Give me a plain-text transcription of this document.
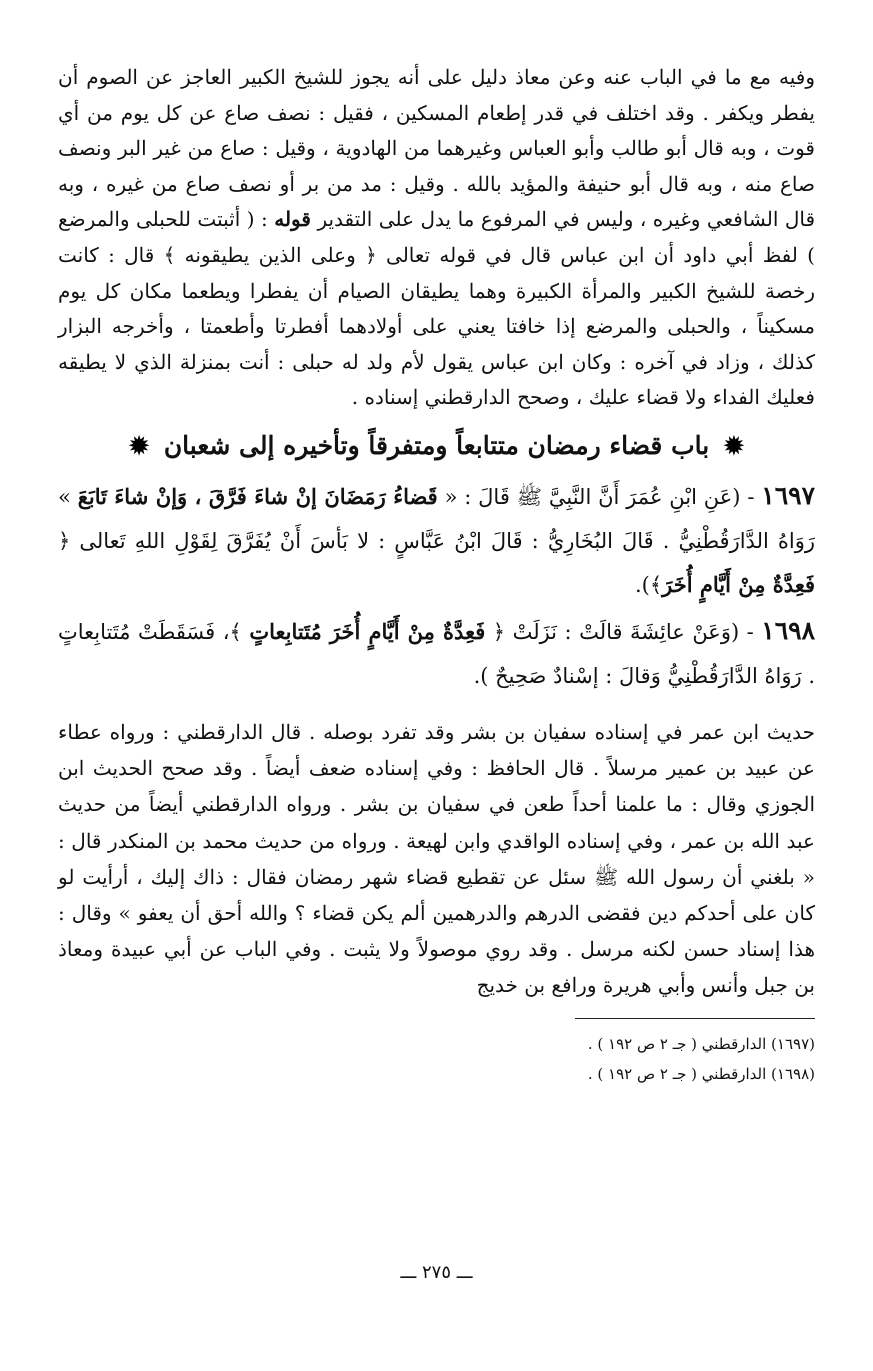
وفيه مع ما في الباب عنه وعن معاذ دليل على أنه يجوز للشيخ الكبير العاجز عن الصوم أن يفطر ويكفر . وقد اختلف في قدر إطعام المسكين ، فقيل : نصف صاع عن كل يوم من أي قوت ، وبه قال أبو طالب وأبو العباس وغيرهما من الهادوية ، وقيل : صاع من غير البر ونصف صاع منه ، وبه قال أبو حنيفة والمؤيد بالله . وقيل : مد من بر أو نصف صاع من غيره ، وبه قال الشافعي وغيره ، وليس في المرفوع ما يدل على التقدير قوله : ( أثبتت للحبلى والمرضع ) لفظ أبي داود أن ابن عباس قال في قوله تعالى ﴿ وعلى الذين يطيقونه ﴾ قال : كانت رخصة للشيخ الكبير والمرأة الكبيرة وهما يطيقان الصيام أن يفطرا ويطعما مكان كل يوم مسكيناً ، والحبلى والمرضع إذا خافتا يعني على أولادهما أفطرتا وأطعمتا ، وأخرجه البزار كذلك ، وزاد في آخره : وكان ابن عباس يقول لأم ولد له حبلى : أنت بمنزلة الذي لا يطيقه فعليك الفداء ولا قضاء عليك ، وصحح الدارقطني إسناده .

✹ باب قضاء رمضان متتابعاً ومتفرقاً وتأخيره إلى شعبان ✹

١٦٩٧ - (عَنِ ابْنِ عُمَرَ أَنَّ النَّبِيَّ ﷺ قَالَ : « قَضاءُ رَمَضَانَ إنْ شاءَ فَرَّقَ ، وَإنْ شاءَ تَابَعَ » رَوَاهُ الدَّارَقُطْنِيُّ . قَالَ البُخَارِيُّ : قَالَ ابْنُ عَبَّاسٍ : لا بَأسَ أَنْ يُفَرَّقَ لِقَوْلِ اللهِ تَعالى ﴿ فَعِدَّةٌ مِنْ أَيَّامٍ أُخَرَ﴾).

١٦٩٨ - (وَعَنْ عائِشَةَ قالَتْ : نَزَلَتْ ﴿ فَعِدَّةٌ مِنْ أَيَّامٍ أُخَرَ مُتَتابِعاتٍ ﴾، فَسَقَطَتْ مُتَتابِعاتٍ . رَوَاهُ الدَّارَقُطْنِيُّ وَقالَ : إسْنادٌ صَحِيحٌ ).

حديث ابن عمر في إسناده سفيان بن بشر وقد تفرد بوصله . قال الدارقطني : ورواه عطاء عن عبيد بن عمير مرسلاً . قال الحافظ : وفي إسناده ضعف أيضاً . وقد صحح الحديث ابن الجوزي وقال : ما علمنا أحداً طعن في سفيان بن بشر . ورواه الدارقطني أيضاً من حديث عبد الله بن عمر ، وفي إسناده الواقدي وابن لهيعة . ورواه من حديث محمد بن المنكدر قال : « بلغني أن رسول الله ﷺ سئل عن تقطيع قضاء شهر رمضان فقال : ذاك إليك ، أرأيت لو كان على أحدكم دين فقضى الدرهم والدرهمين ألم يكن قضاء ؟ والله أحق أن يعفو » وقال : هذا إسناد حسن لكنه مرسل . وقد روي موصولاً ولا يثبت . وفي الباب عن أبي عبيدة ومعاذ بن جبل وأنس وأبي هريرة ورافع بن خديج

(١٦٩٧) الدارقطني ( جـ ٢ ص ١٩٢ ) .
(١٦٩٨) الدارقطني ( جـ ٢ ص ١٩٢ ) .
ـــ ٢٧٥ ـــ
